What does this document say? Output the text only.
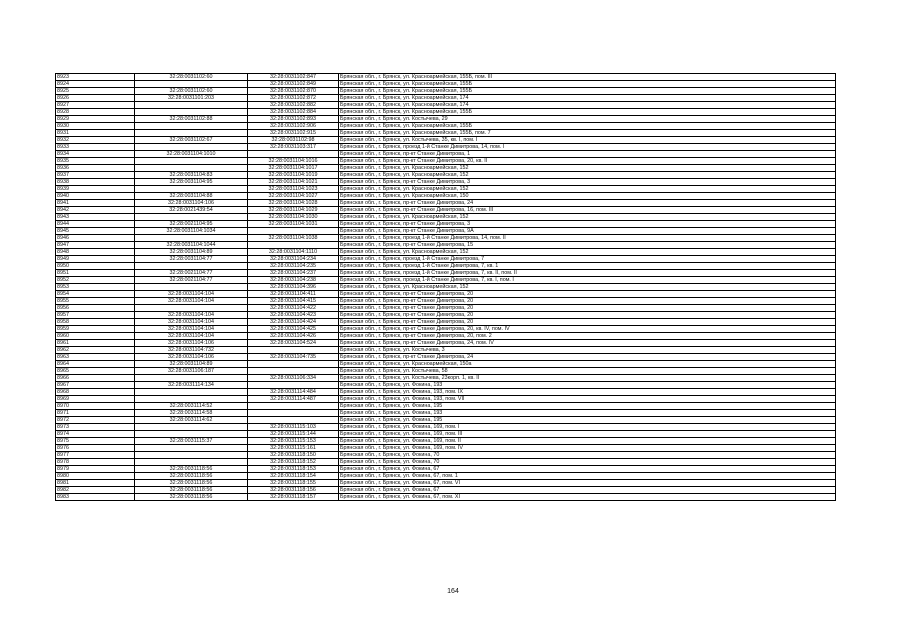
8923	32:28:0031102:60	32:28:0031102:847	Брянская обл., г. Брянск, ул. Красноармейская, 155Б, пом. III
8924		32:28:0031102:849	Брянская обл., г. Брянск, ул. Красноармейская, 155Б
8925	32:28:0031102:60	32:28:0031102:870	Брянская обл., г. Брянск, ул. Красноармейская, 155Б
8926	32:28:0031101:203	32:28:0031102:872	Брянская обл., г. Брянск, ул. Красноармейская, 174
8927		32:28:0031102:882	Брянская обл., г. Брянск, ул. Красноармейская, 174
8928		32:28:0031102:884	Брянская обл., г. Брянск, ул. Красноармейская, 155Б
8929	32:28:0031102:88	32:28:0031102:893	Брянская обл., г. Брянск, ул. Костычева, 29
8930		32:28:0031102:906	Брянская обл., г. Брянск, ул. Красноармейская, 155Б
8931		32:28:0031102:915	Брянская обл., г. Брянск, ул. Красноармейская, 155Б, пом. 7
8932	32:28:0031102:67	32:28:0031102:98	Брянская обл., г. Брянск, ул. Костычева, 35, кв. I, пом. I
8933		32:28:0031103:317	Брянская обл., г. Брянск, проезд 1-й Станке Димитрова, 14, пом. I
8934	32:28:0031104:1010		Брянская обл., г. Брянск, пр-кт Станке Димитрова, 1
8935		32:28:0031104:1016	Брянская обл., г. Брянск, пр-кт Станке Димитрова, 20, кв. II
8936		32:28:0031104:1017	Брянская обл., г. Брянск, ул. Красноармейская, 152
8937	32:28:0031104:83	32:28:0031104:1019	Брянская обл., г. Брянск, ул. Красноармейская, 152
8938	32:28:0031104:95	32:28:0031104:1021	Брянская обл., г. Брянск, пр-кт Станке Димитрова, 3
8939		32:28:0031104:1023	Брянская обл., г. Брянск, ул. Красноармейская, 152
8940	32:28:0031104:88	32:28:0031104:1027	Брянская обл., г. Брянск, ул. Красноармейская, 150
8941	32:28:0031104:106	32:28:0031104:1028	Брянская обл., г. Брянск, пр-кт Станке Димитрова, 24
8942	32:28:0021439:54	32:28:0031104:1029	Брянская обл., г. Брянск, пр-кт Станке Димитрова, 16, пом. III
8943		32:28:0031104:1030	Брянская обл., г. Брянск, ул. Красноармейская, 152
8944	32:28:0021104:95	32:28:0031104:1031	Брянская обл., г. Брянск, пр-кт Станке Димитрова, 3
8945	32:28:0031104:1034		Брянская обл., г. Брянск, пр-кт Станке Димитрова, 9А
8946		32:28:0031104:1038	Брянская обл., г. Брянск, проезд 1-й Станке Димитрова, 14, пом. II
8947	32:28:0031104:1044		Брянская обл., г. Брянск, пр-кт Станке Димитрова, 15
8948	32:28:0031104:89	32:28:0031104:1110	Брянская обл., г. Брянск, ул. Красноармейская, 152
8949	32:28:0031104:77	32:28:0031104:234	Брянская обл., г. Брянск, проезд 1-й Станке Димитрова, 7
8950		32:28:0031104:235	Брянская обл., г. Брянск, проезд 1-й Станке Димитрова, 7, кв. 1
8951	32:28:0021104:77	32:28:0031104:237	Брянская обл., г. Брянск, проезд 1-й Станке Димитрова, 7, кв. II, пом. II
8952	32:28:0021104:77	32:28:0031104:238	Брянская обл., г. Брянск, проезд 1-й Станке Димитрова, 7, кв. I, пом. I
8953		32:28:0031104:396	Брянская обл., г. Брянск, ул. Красноармейская, 152
8954	32:28:0031104:104	32:28:0031104:411	Брянская обл., г. Брянск, пр-кт Станке Димитрова, 20
8955	32:28:0031104:104	32:28:0031104:415	Брянская обл., г. Брянск, пр-кт Станке Димитрова, 20
8956		32:28:0031104:422	Брянская обл., г. Брянск, пр-кт Станке Димитрова, 20
8957	32:28:0031104:104	32:28:0031104:423	Брянская обл., г. Брянск, пр-кт Станке Димитрова, 20
8958	32:28:0031104:104	32:28:0031104:424	Брянская обл., г. Брянск, пр-кт Станке Димитрова, 20
8959	32:28:0031104:104	32:28:0031104:425	Брянская обл., г. Брянск, пр-кт Станке Димитрова, 20, кв. IV, пом. IV
8960	32:28:0031104:104	32:28:0031104:426	Брянская обл., г. Брянск, пр-кт Станке Димитрова, 20, пом. 2
8961	32:28:0031104:106	32:28:0031104:524	Брянская обл., г. Брянск, пр-кт Станке Димитрова, 24, пом. IV
8962	32:28:0031104:732		Брянская обл., г. Брянск, ул. Костычева, 3
8963	32:28:0031104:106	32:28:0031104:735	Брянская обл., г. Брянск, пр-кт Станке Димитрова, 24
8964	32:28:0031104:89		Брянская обл., г. Брянск, ул. Красноармейская, 150а
8965	32:28:0031106:187		Брянская обл., г. Брянск, ул. Костычева, 58
8966		32:28:0031106:334	Брянская обл., г. Брянск, ул. Костычева, 23корп. 1, кв. II
8967	32:28:0031114:134		Брянская обл., г. Брянск, ул. Фокина, 193
8968		32:28:0031114:484	Брянская обл., г. Брянск, ул. Фокина, 193, пом. IX
8969		32:28:0031114:487	Брянская обл., г. Брянск, ул. Фокина, 193, пом. VII
8970	32:28:0031114:52		Брянская обл., г. Брянск, ул. Фокина, 195
8971	32:28:0031114:58		Брянская обл., г. Брянск, ул. Фокина, 193
8972	32:28:0031114:62		Брянская обл., г. Брянск, ул. Фокина, 195
8973		32:28:0031115:103	Брянская обл., г. Брянск, ул. Фокина, 169, пом. I
8974		32:28:0031115:144	Брянская обл., г. Брянск, ул. Фокина, 169, пом. III
8975	32:28:0031115:37	32:28:0031115:153	Брянская обл., г. Брянск, ул. Фокина, 169, пом. II
8976		32:28:0031115:161	Брянская обл., г. Брянск, ул. Фокина, 169, пом. IV
8977		32:28:0031118:150	Брянская обл., г. Брянск, ул. Фокина, 70
8978		32:28:0031118:152	Брянская обл., г. Брянск, ул. Фокина, 70
8979	32:28:0031118:56	32:28:0031118:153	Брянская обл., г. Брянск, ул. Фокина, 67
8980	32:28:0031118:56	32:28:0031118:154	Брянская обл., г. Брянск, ул. Фокина, 67, пом. 1
8981	32:28:0031118:56	32:28:0031118:155	Брянская обл., г. Брянск, ул. Фокина, 67, пом. VI
8982	32:28:0031118:56	32:28:0031118:156	Брянская обл., г. Брянск, ул. Фокина, 67
8983	32:28:0031118:56	32:28:0031118:157	Брянская обл., г. Брянск, ул. Фокина, 67, пом. XI
164
